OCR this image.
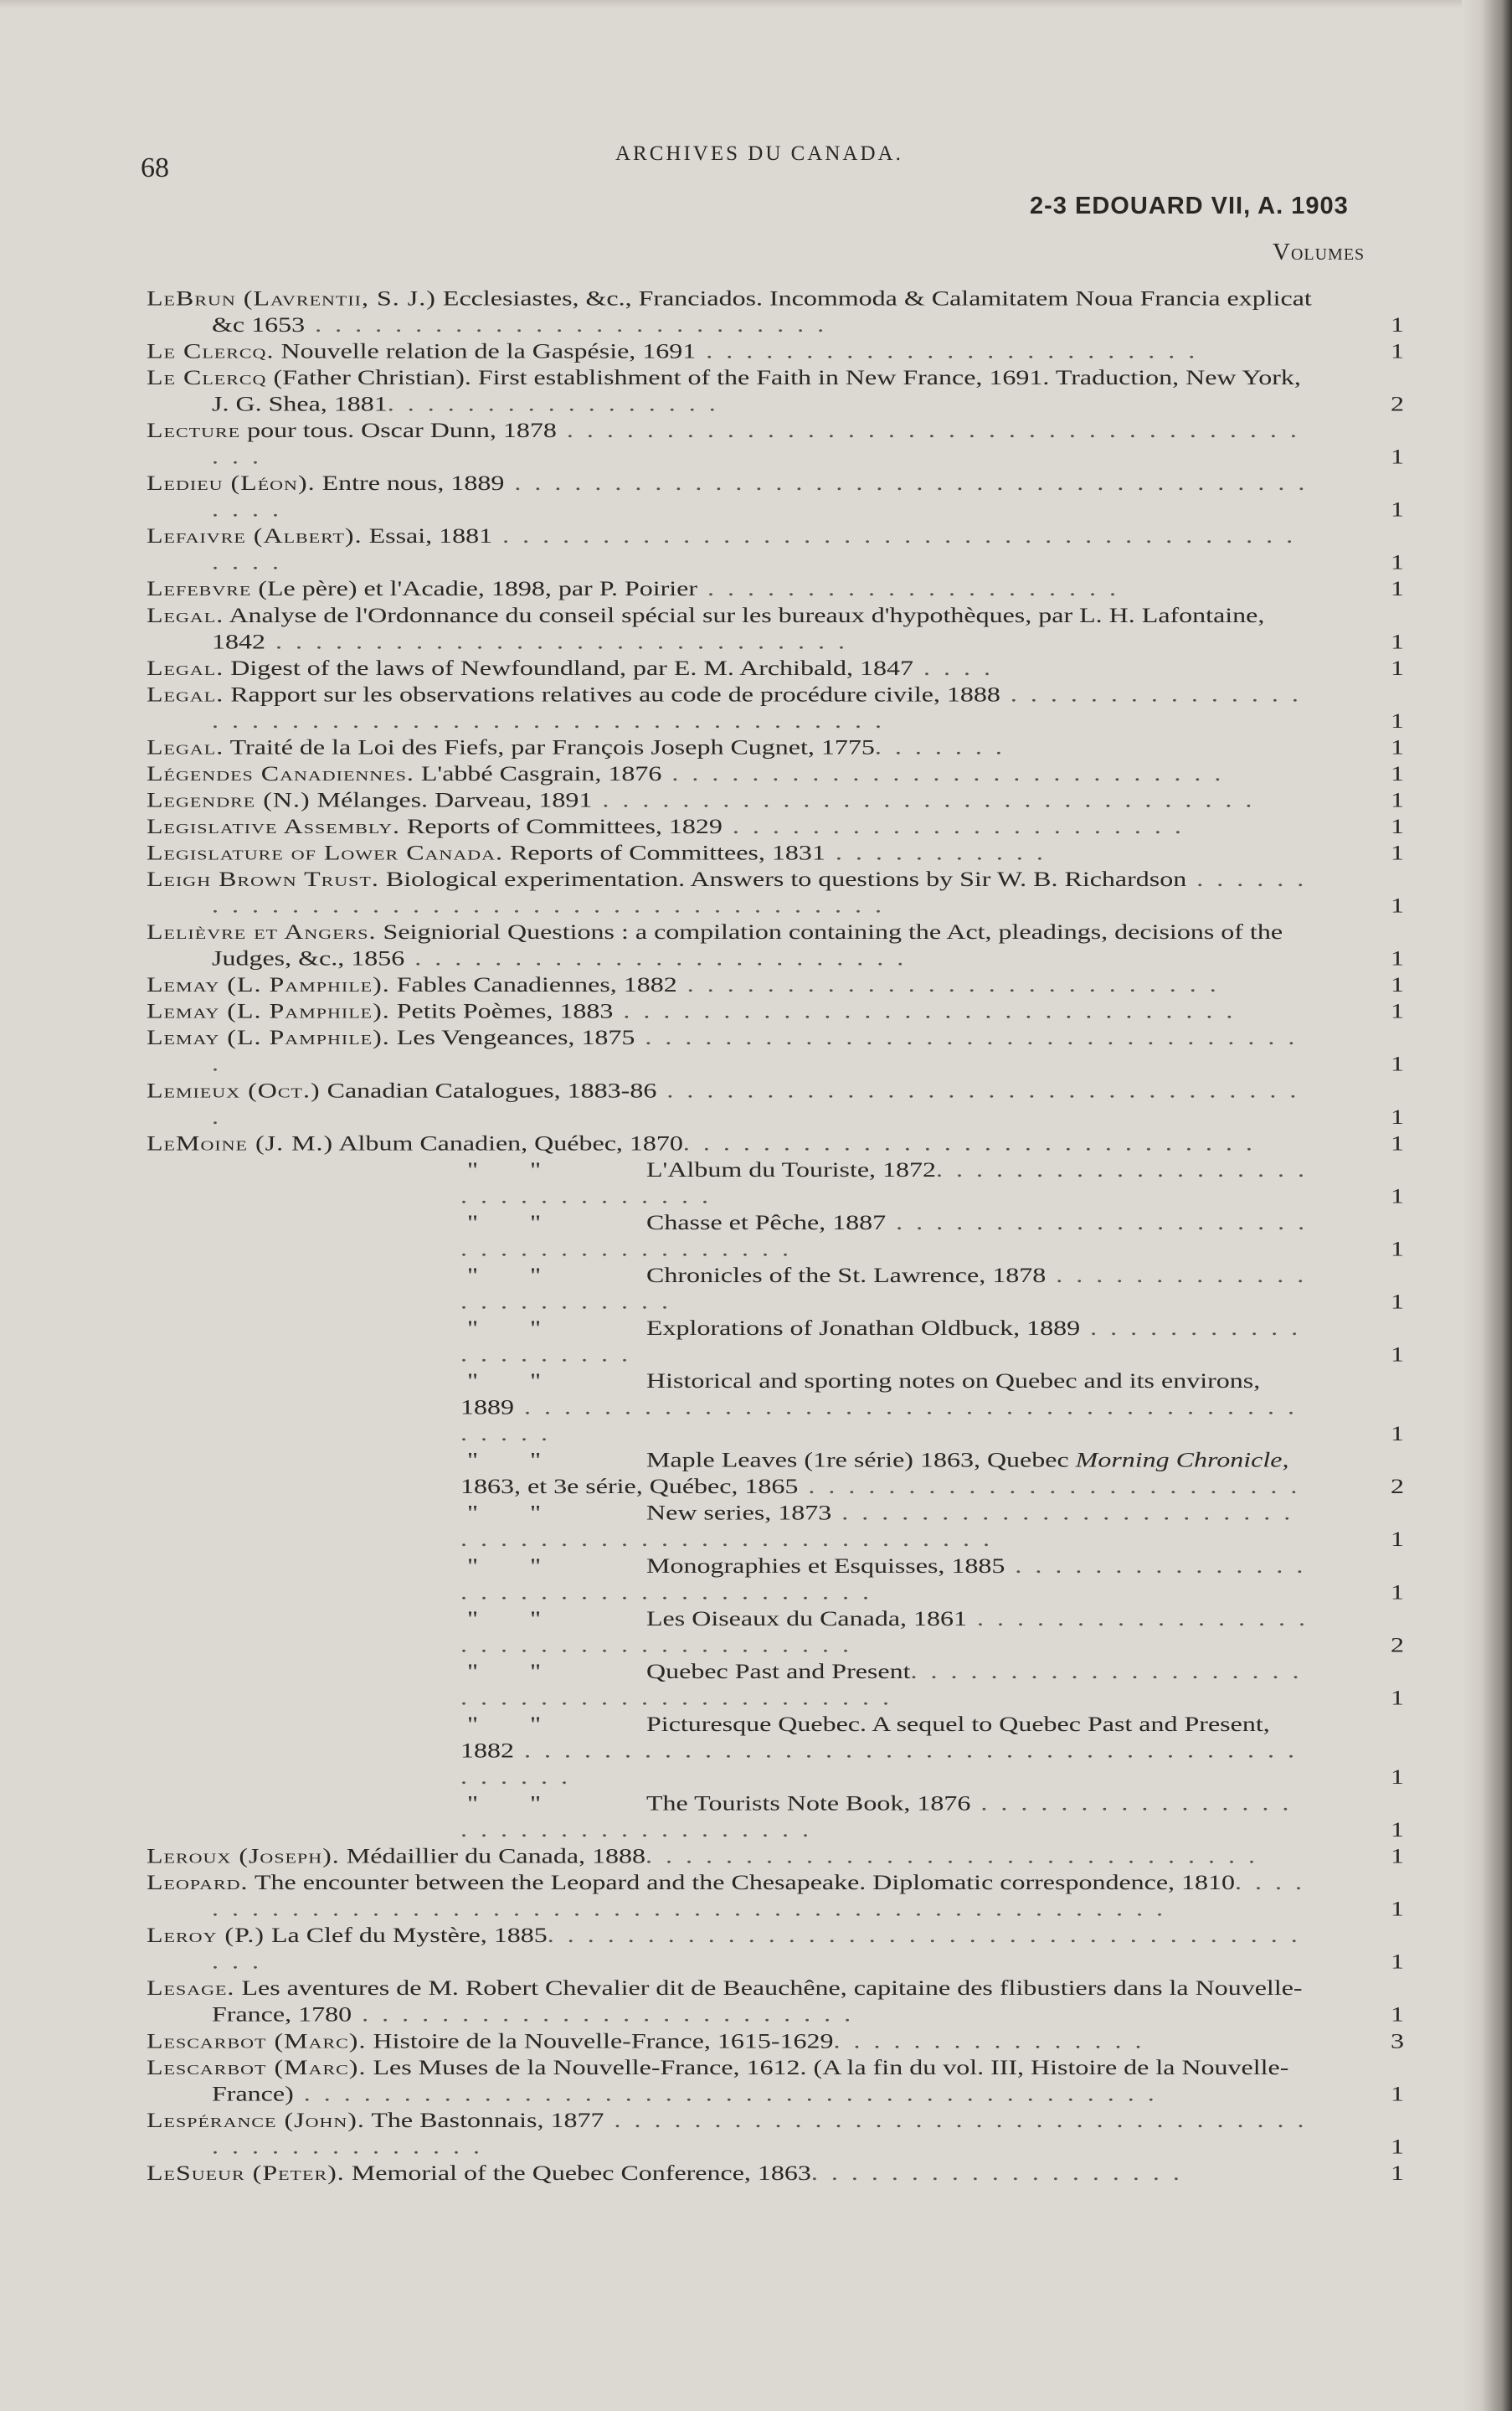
68	ARCHIVES DU CANADA.
2-3 EDOUARD VII, A. 1903
Volumes
LeBrun (Lavrentii, S. J.) Ecclesiastes, &c., Franciados. Incommoda & Calamitatem Noua Francia explicat &c 1653 . . . . . . . . . . . . . . . . . . . . . . . . . .	1
Le Clercq. Nouvelle relation de la Gaspésie, 1691 . . . . . . . . . . . . . . . . . . . . . . . . .	1
Le Clercq (Father Christian). First establishment of the Faith in New France, 1691. Traduction, New York, J. G. Shea, 1881. . . . . . . . . . . . . . . . .	2
Lecture pour tous. Oscar Dunn, 1878 . . . . . . . . . . . . . . . . . . . . . . . . . . . . . . . . . . . . . . . .	1
Ledieu (Léon). Entre nous, 1889 . . . . . . . . . . . . . . . . . . . . . . . . . . . . . . . . . . . . . . . . . . . .	1
Lefaivre (Albert). Essai, 1881 . . . . . . . . . . . . . . . . . . . . . . . . . . . . . . . . . . . . . . . . . . . .	1
Lefebvre (Le père) et l'Acadie, 1898, par P. Poirier . . . . . . . . . . . . . . . . . . . . .	1
Legal. Analyse de l'Ordonnance du conseil spécial sur les bureaux d'hypothèques, par L. H. Lafontaine, 1842 . . . . . . . . . . . . . . . . . . . . . . . . . . . . .	1
Legal. Digest of the laws of Newfoundland, par E. M. Archibald, 1847 . . . .	1
Legal. Rapport sur les observations relatives au code de procédure civile, 1888 . . . . . . . . . . . . . . . . . . . . . . . . . . . . . . . . . . . . . . . . . . . . . . . . .	1
Legal. Traité de la Loi des Fiefs, par François Joseph Cugnet, 1775. . . . . . .	1
Légendes Canadiennes. L'abbé Casgrain, 1876 . . . . . . . . . . . . . . . . . . . . . . . . . . . .	1
Legendre (N.) Mélanges. Darveau, 1891 . . . . . . . . . . . . . . . . . . . . . . . . . . . . . . . . .	1
Legislative Assembly. Reports of Committees, 1829 . . . . . . . . . . . . . . . . . . . . . . .	1
Legislature of Lower Canada. Reports of Committees, 1831 . . . . . . . . . . .	1
Leigh Brown Trust. Biological experimentation. Answers to questions by Sir W. B. Richardson . . . . . . . . . . . . . . . . . . . . . . . . . . . . . . . . . . . . . . . .	1
Lelièvre et Angers. Seigniorial Questions : a compilation containing the Act, pleadings, decisions of the Judges, &c., 1856 . . . . . . . . . . . . . . . . . . . . . . . . .	1
Lemay (L. Pamphile). Fables Canadiennes, 1882 . . . . . . . . . . . . . . . . . . . . . . . . . . .	1
Lemay (L. Pamphile). Petits Poèmes, 1883 . . . . . . . . . . . . . . . . . . . . . . . . . . . . . . .	1
Lemay (L. Pamphile). Les Vengeances, 1875 . . . . . . . . . . . . . . . . . . . . . . . . . . . . . . . . . .	1
Lemieux (Oct.) Canadian Catalogues, 1883-86 . . . . . . . . . . . . . . . . . . . . . . . . . . . . . . . . .	1
LeMoine (J. M.) Album Canadien, Québec, 1870. . . . . . . . . . . . . . . . . . . . . . . . . . . . .	1
" "	L'Album du Touriste, 1872. . . . . . . . . . . . . . . . . . . . . . . . . . . . . . . .	1
" "	Chasse et Pêche, 1887 . . . . . . . . . . . . . . . . . . . . . . . . . . . . . . . . . . . . . .	1
" "	Chronicles of the St. Lawrence, 1878 . . . . . . . . . . . . . . . . . . . . . . . .	1
" "	Explorations of Jonathan Oldbuck, 1889 . . . . . . . . . . . . . . . . . . . .	1
" "	Historical and sporting notes on Quebec and its environs, 1889 . . . . . . . . . . . . . . . . . . . . . . . . . . . . . . . . . . . . . . . . . . . .	1
" "	Maple Leaves (1re série) 1863, Quebec Morning Chronicle, 1863, et 3e série, Québec, 1865 . . . . . . . . . . . . . . . . . . . . . . . . .	2
" "	New series, 1873 . . . . . . . . . . . . . . . . . . . . . . . . . . . . . . . . . . . . . . . . . . . . . . . . . .	1
" "	Monographies et Esquisses, 1885 . . . . . . . . . . . . . . . . . . . . . . . . . . . . . . . . . . . .	1
" "	Les Oiseaux du Canada, 1861 . . . . . . . . . . . . . . . . . . . . . . . . . . . . . . . . . . . . .	2
" "	Quebec Past and Present. . . . . . . . . . . . . . . . . . . . . . . . . . . . . . . . . . . . . . . . . .	1
" "	Picturesque Quebec. A sequel to Quebec Past and Present, 1882 . . . . . . . . . . . . . . . . . . . . . . . . . . . . . . . . . . . . . . . . . . . . .	1
" "	The Tourists Note Book, 1876 . . . . . . . . . . . . . . . . . . . . . . . . . . . . . . . . . .	1
Leroux (Joseph). Médaillier du Canada, 1888. . . . . . . . . . . . . . . . . . . . . . . . . . . . . . .	1
Leopard. The encounter between the Leopard and the Chesapeake. Diplomatic correspondence, 1810. . . . . . . . . . . . . . . . . . . . . . . . . . . . . . . . . . . . . . . . . . . . . . . . . . . .	1
Leroy (P.) La Clef du Mystère, 1885. . . . . . . . . . . . . . . . . . . . . . . . . . . . . . . . . . . . . . . . .	1
Lesage. Les aventures de M. Robert Chevalier dit de Beauchêne, capitaine des flibustiers dans la Nouvelle-France, 1780 . . . . . . . . . . . . . . . . . . . . . . . . .	1
Lescarbot (Marc). Histoire de la Nouvelle-France, 1615-1629. . . . . . . . . . . . . . . .	3
Lescarbot (Marc). Les Muses de la Nouvelle-France, 1612. (A la fin du vol. III, Histoire de la Nouvelle-France) . . . . . . . . . . . . . . . . . . . . . . . . . . . . . . . . . . . . . . . . . . .	1
Lespérance (John). The Bastonnais, 1877 . . . . . . . . . . . . . . . . . . . . . . . . . . . . . . . . . . . . . . . . . . . . . . . . .	1
LeSueur (Peter). Memorial of the Quebec Conference, 1863. . . . . . . . . . . . . . . . . . .	1
